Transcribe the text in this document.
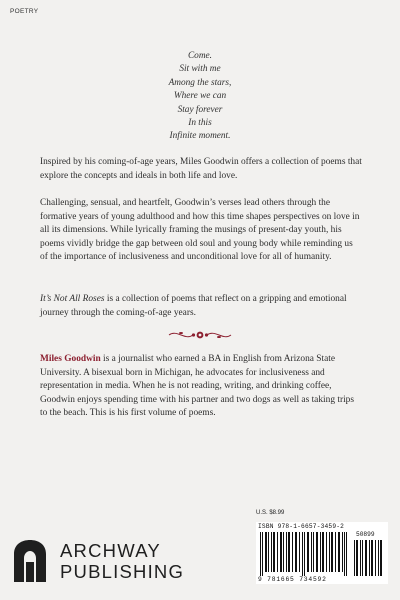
POETRY
Come.
Sit with me
Among the stars,
Where we can
Stay forever
In this
Infinite moment.
Inspired by his coming-of-age years, Miles Goodwin offers a collection of poems that explore the concepts and ideals in both life and love.
Challenging, sensual, and heartfelt, Goodwin’s verses lead others through the formative years of young adulthood and how this time shapes perspectives on love in all its dimensions. While lyrically framing the musings of present-day youth, his poems vividly bridge the gap between old soul and young body while reminding us of the importance of inclusiveness and unconditional love for all of humanity.
It’s Not All Roses is a collection of poems that reflect on a gripping and emotional journey through the coming-of-age years.
Miles Goodwin is a journalist who earned a BA in English from Arizona State University. A bisexual born in Michigan, he advocates for inclusiveness and representation in media. When he is not reading, writing, and drinking coffee, Goodwin enjoys spending time with his partner and two dogs as well as taking trips to the beach. This is his first volume of poems.
U.S. $8.99
ISBN 978-1-6657-3459-2
50899
9 781665 734592
ARCHWAY
PUBLISHING
